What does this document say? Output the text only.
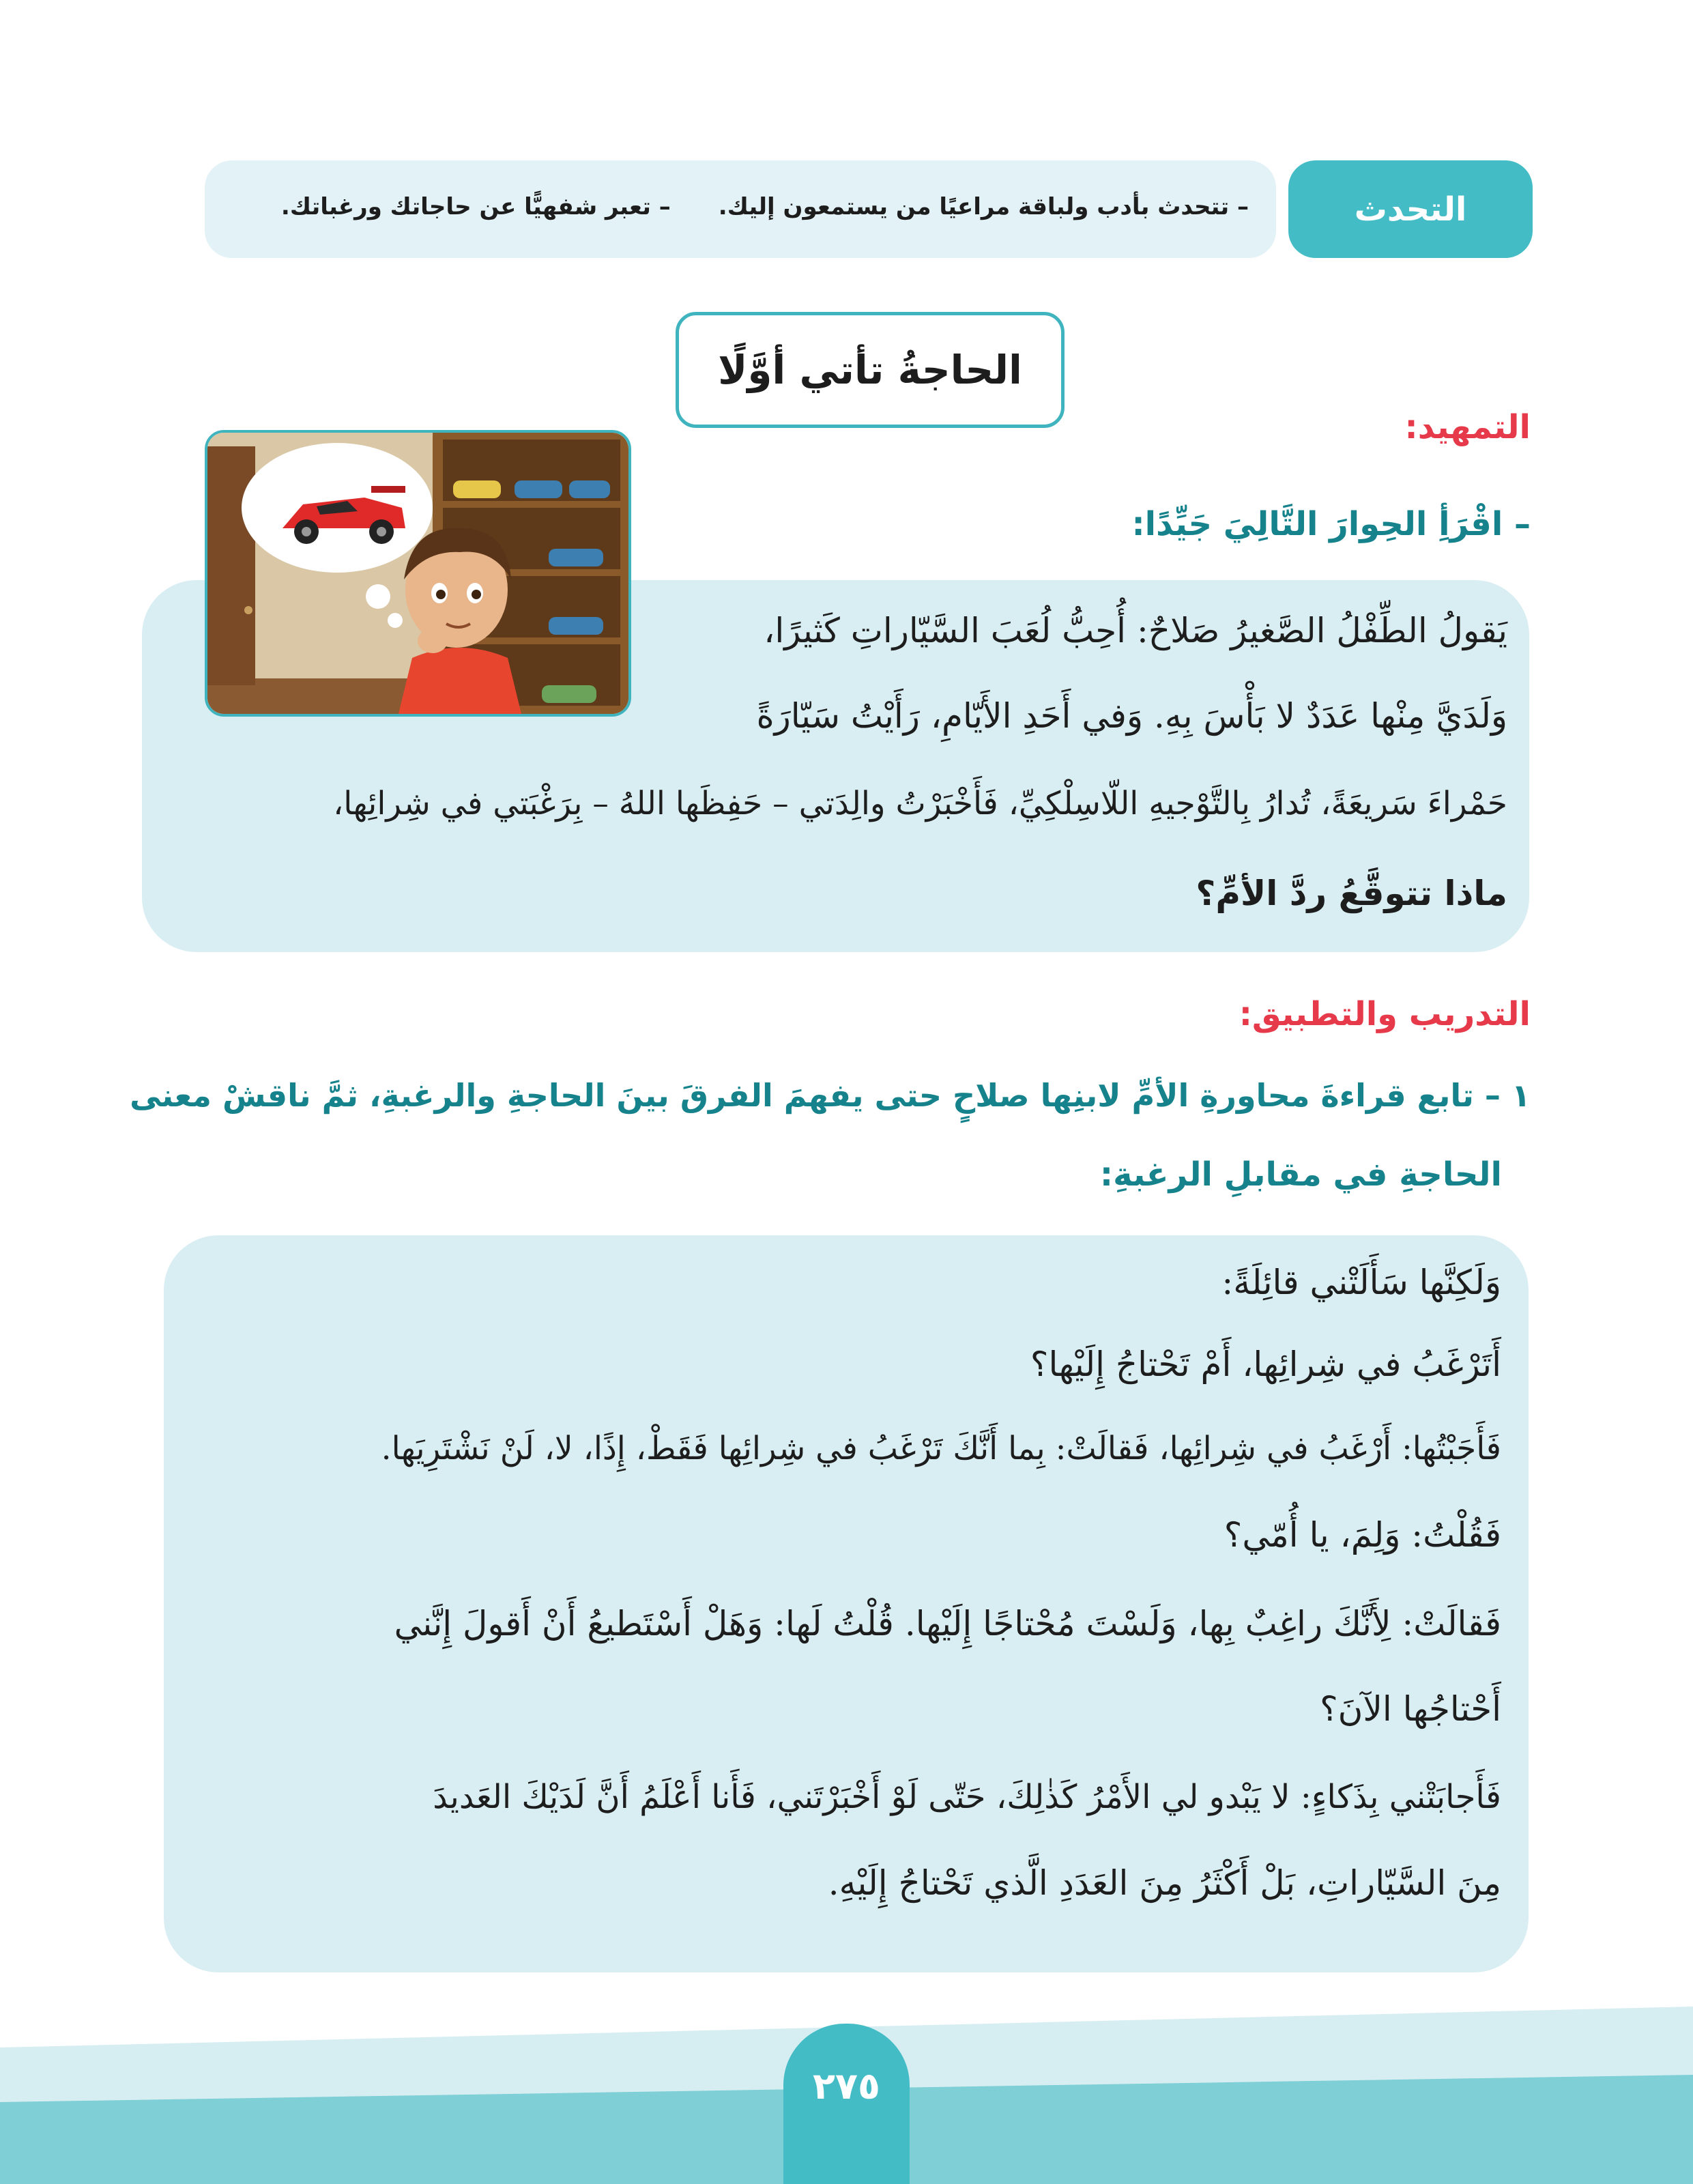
– تتحدث بأدب ولباقة مراعيًا من يستمعون إليك.– تعبر شفهيًّا عن حاجاتك ورغباتك.	التحدث
الحاجةُ تأتي أوَّلًا
التمهيد:
– اقْرَأِ الحِوارَ التَّالِيَ جَيِّدًا:
يَقولُ الطِّفْلُ الصَّغيرُ صَلاحٌ: أُحِبُّ لُعَبَ السَّيّاراتِ كَثيرًا،
وَلَدَيَّ مِنْها عَدَدٌ لا بَأْسَ بِهِ. وَفي أَحَدِ الأَيّامِ، رَأَيْتُ سَيّارَةً
حَمْراءَ سَريعَةً، تُدارُ بِالتَّوْجيهِ اللّاسِلْكِيِّ، فَأَخْبَرْتُ والِدَتي – حَفِظَها اللهُ – بِرَغْبَتي في شِرائِها،
ماذا تتوقَّعُ ردَّ الأمِّ؟
التدريب والتطبيق:
١ – تابع قراءةَ محاورةِ الأمِّ لابنِها صلاحٍ حتى يفهمَ الفرقَ بينَ الحاجةِ والرغبةِ، ثمَّ ناقشْ معنى
الحاجةِ في مقابلِ الرغبةِ:
وَلَكِنَّها سَأَلَتْني قائِلَةً:
أَتَرْغَبُ في شِرائِها، أَمْ تَحْتاجُ إِلَيْها؟
فَأَجَبْتُها: أَرْغَبُ في شِرائِها، فَقالَتْ: بِما أَنَّكَ تَرْغَبُ في شِرائِها فَقَطْ، إِذًا، لا، لَنْ نَشْتَرِيَها.
فَقُلْتُ: وَلِمَ، يا أُمّي؟
فَقالَتْ: لِأَنَّكَ راغِبٌ بِها، وَلَسْتَ مُحْتاجًا إِلَيْها. قُلْتُ لَها: وَهَلْ أَسْتَطيعُ أَنْ أَقولَ إِنَّني
أَحْتاجُها الآنَ؟
فَأَجابَتْني بِذَكاءٍ: لا يَبْدو لي الأَمْرُ كَذٰلِكَ، حَتّى لَوْ أَخْبَرْتَني، فَأَنا أَعْلَمُ أَنَّ لَدَيْكَ العَديدَ
مِنَ السَّيّاراتِ، بَلْ أَكْثَرُ مِنَ العَدَدِ الَّذي تَحْتاجُ إِلَيْهِ.
٢٧٥
